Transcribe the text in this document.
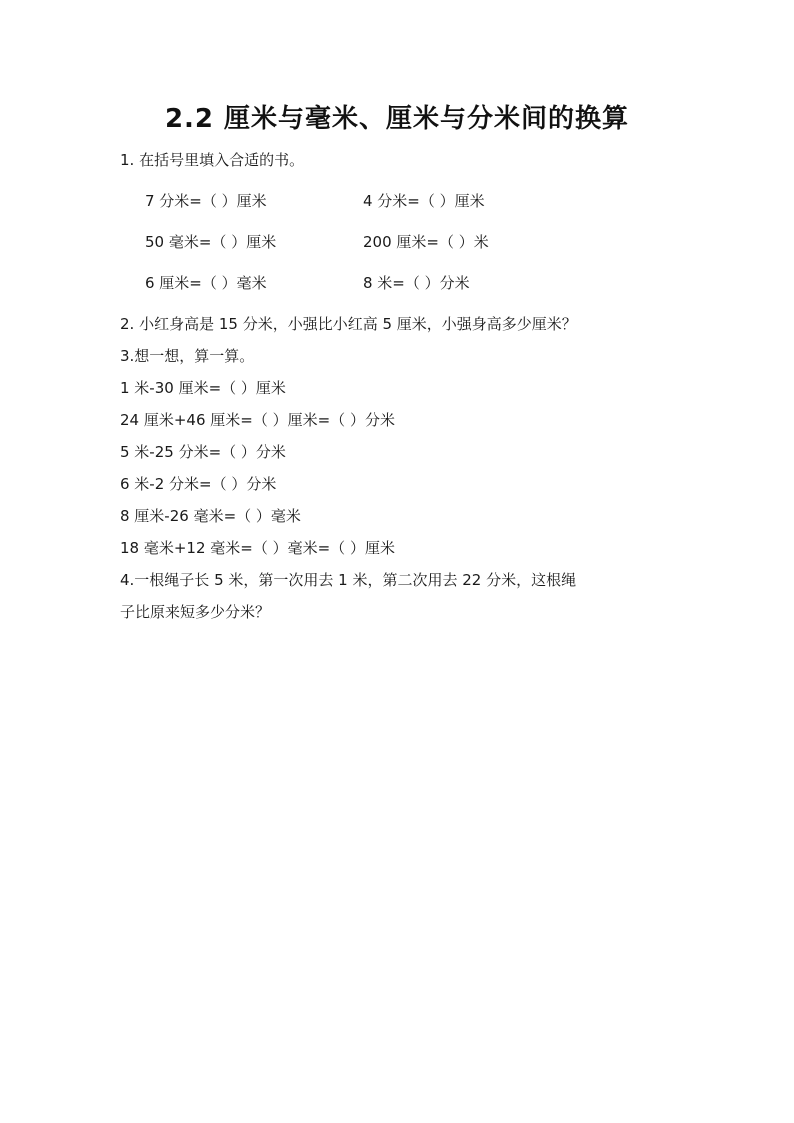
2.2 厘米与毫米、厘米与分米间的换算
1. 在括号里填入合适的书。
7 分米=（ ）厘米	4 分米=（ ）厘米
50 毫米=（ ）厘米	200 厘米=（ ）米
6 厘米=（ ）毫米	8 米=（ ）分米
2. 小红身高是 15 分米，小强比小红高 5 厘米，小强身高多少厘米？
3.想一想，算一算。
1 米-30 厘米=（ ）厘米
24 厘米+46 厘米=（ ）厘米=（ ）分米
5 米-25 分米=（ ）分米
6 米-2 分米=（ ）分米
8 厘米-26 毫米=（ ）毫米
18 毫米+12 毫米=（ ）毫米=（ ）厘米
4.一根绳子长 5 米，第一次用去 1 米，第二次用去 22 分米，这根绳
子比原来短多少分米？
